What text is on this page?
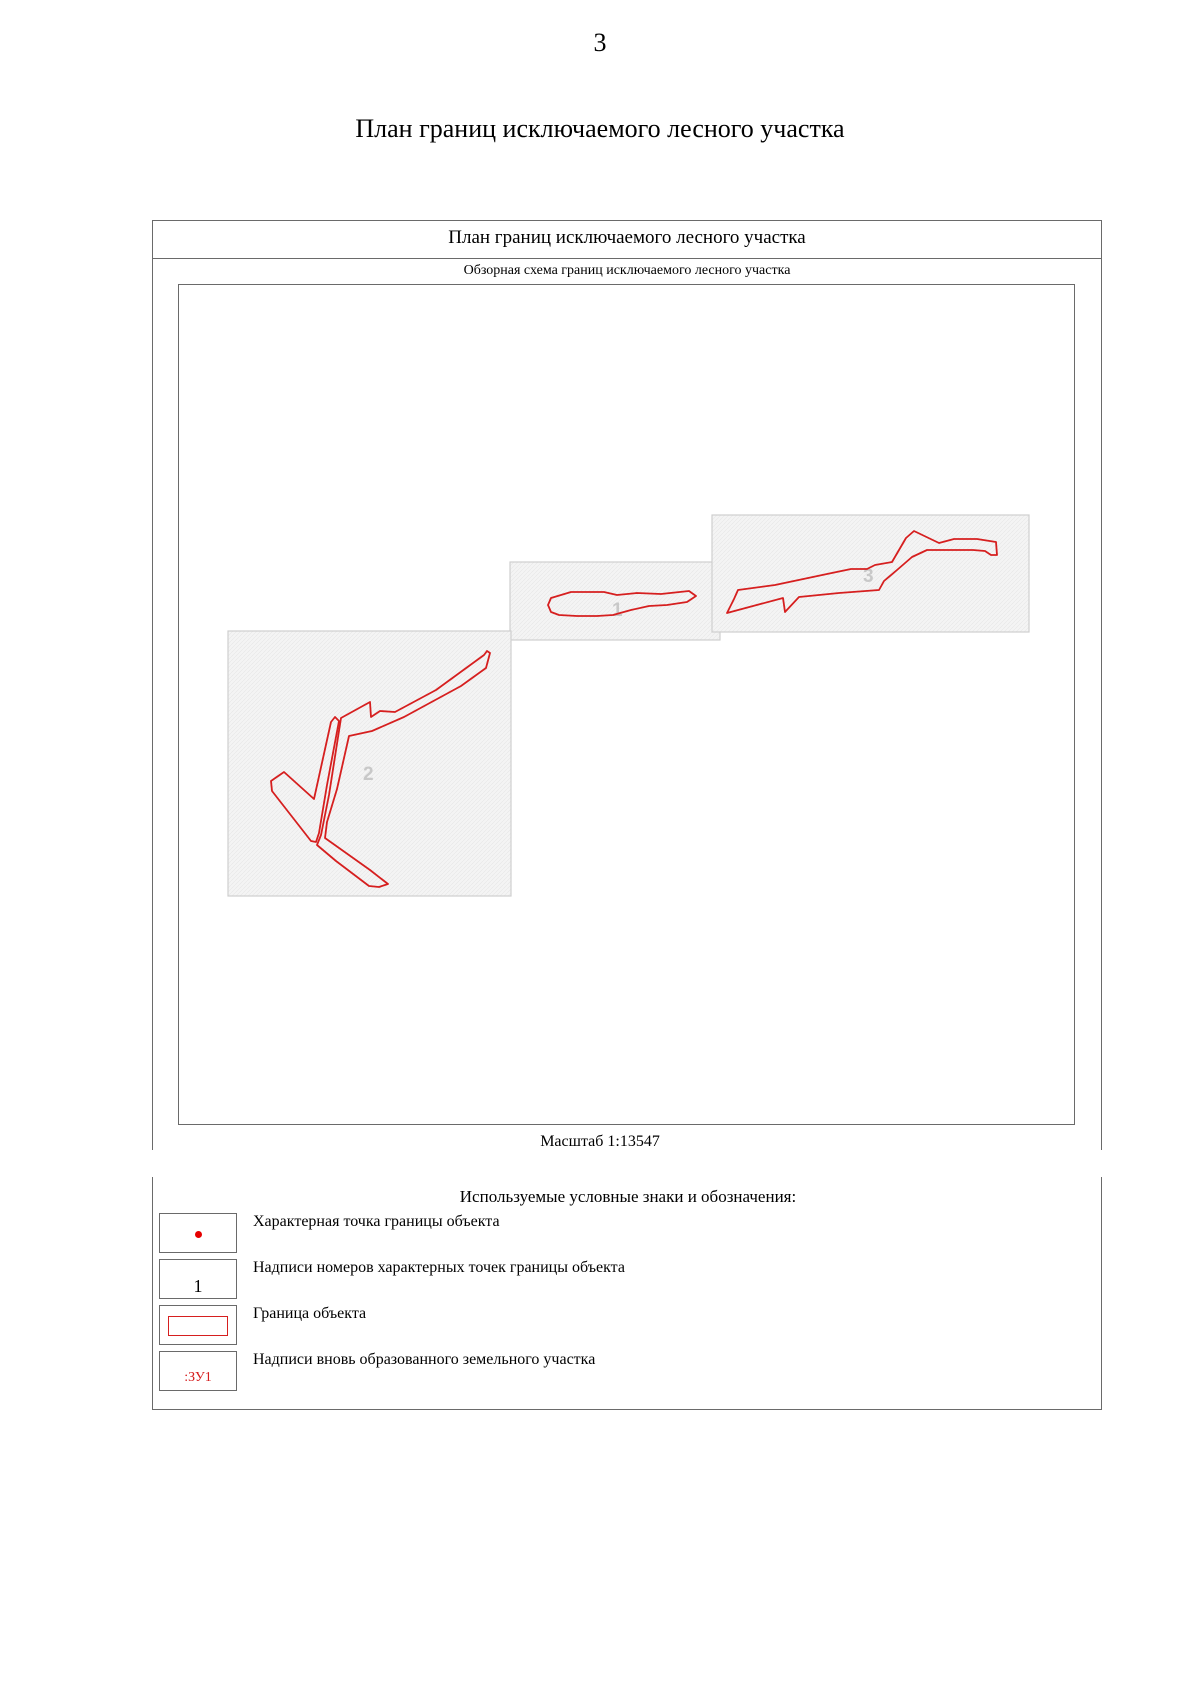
3
План границ исключаемого лесного участка
План границ исключаемого лесного участка
Обзорная схема границ исключаемого лесного участка
1
2
3
Масштаб 1:13547
Используемые условные знаки и обозначения:
Характерная точка границы объекта
1
Надписи номеров характерных точек границы объекта
Граница объекта
:ЗУ1
Надписи вновь образованного земельного участка
